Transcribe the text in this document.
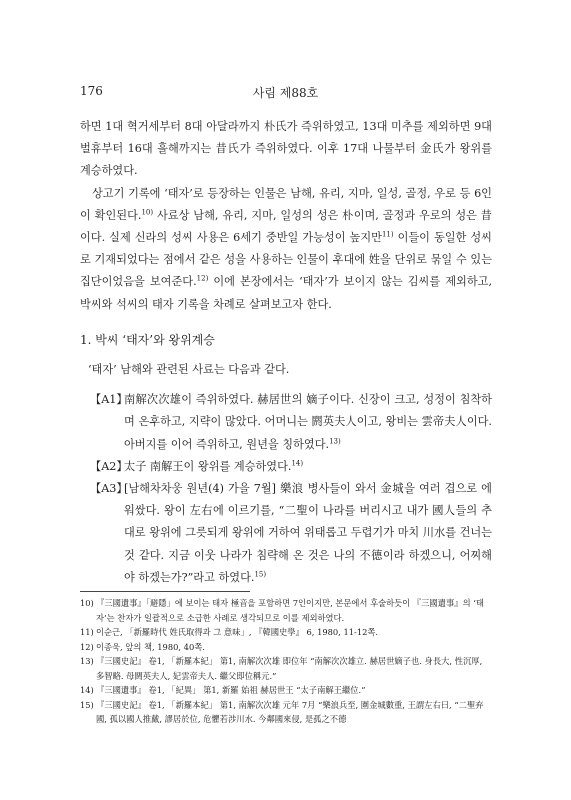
176	사림 제88호

하면 1대 혁거세부터 8대 아달라까지 朴氏가 즉위하였고, 13대 미추를 제외하면 9대 벌휴부터 16대 흘해까지는 昔氏가 즉위하였다. 이후 17대 나물부터 金氏가 왕위를 계승하였다.

상고기 기록에 ‘태자’로 등장하는 인물은 남해, 유리, 지마, 일성, 골정, 우로 등 6인이 확인된다.$^{10)}$ 사료상 남해, 유리, 지마, 일성의 성은 朴이며, 골정과 우로의 성은 昔이다. 실제 신라의 성씨 사용은 6세기 중반일 가능성이 높지만$^{11)}$ 이들이 동일한 성씨로 기재되었다는 점에서 같은 성을 사용하는 인물이 후대에 姓을 단위로 묶일 수 있는 집단이었음을 보여준다.$^{12)}$ 이에 본장에서는 ‘태자’가 보이지 않는 김씨를 제외하고, 박씨와 석씨의 태자 기록을 차례로 살펴보고자 한다.

1. 박씨 ‘태자’와 왕위계승

‘태자’ 남해와 관련된 사료는 다음과 같다.

【A1】

南解次次雄이 즉위하였다. 赫居世의 嫡子이다. 신장이 크고, 성정이 침착하며 온후하고, 지략이 많았다. 어머니는 閼英夫人이고, 왕비는 雲帝夫人이다. 아버지를 이어 즉위하고, 원년을 칭하였다.$^{13)}$

【A2】

太子 南解王이 왕위를 계승하였다.$^{14)}$

【A3】

[남해차차웅 원년(4) 가을 7월] 樂浪 병사들이 와서 金城을 여러 겹으로 에워쌌다. 왕이 左右에 이르기를, “二聖이 나라를 버리시고 내가 國人들의 추대로 왕위에 그릇되게 왕위에 거하여 위태롭고 두렵기가 마치 川水를 건너는 것 같다. 지금 이웃 나라가 침략해 온 것은 나의 不德이라 하겠으니, 어찌해야 하겠는가?”라고 하였다.$^{15)}$

10) 『三國遺事』「避隱」에 보이는 태자 極音을 포함하면 7인이지만, 본문에서 후술하듯이 『三國遺事』의 ‘태자’는 찬자가 일괄적으로 소급한 사례로 생각되므로 이를 제외하였다.

11) 이순근, 「新羅時代 姓氏取得과 그 意味」, 『韓國史學』 6, 1980, 11-12쪽.

12) 이종욱, 앞의 책, 1980, 40쪽.

13) 『三國史記』 卷1, 「新羅本紀」 第1, 南解次次雄 即位年 “南解次次雄立. 赫居世嫡子也. 身長大, 性沉厚, 多智略. 母閼英夫人, 妃雲帝夫人. 繼父即位稱元.”

14) 『三國遺事』 卷1, 「紀異」 第1, 新羅 始祖 赫居世王 “太子南解王繼位.”

15) 『三國史記』 卷1, 「新羅本紀」 第1, 南解次次雄 元年 7月 “樂浪兵至, 圍金城數重, 王謂左右曰, “二聖弃國, 孤以國人推戴, 謬居於位, 危懼若涉川水. 今鄰國來侵, 是孤之不德
